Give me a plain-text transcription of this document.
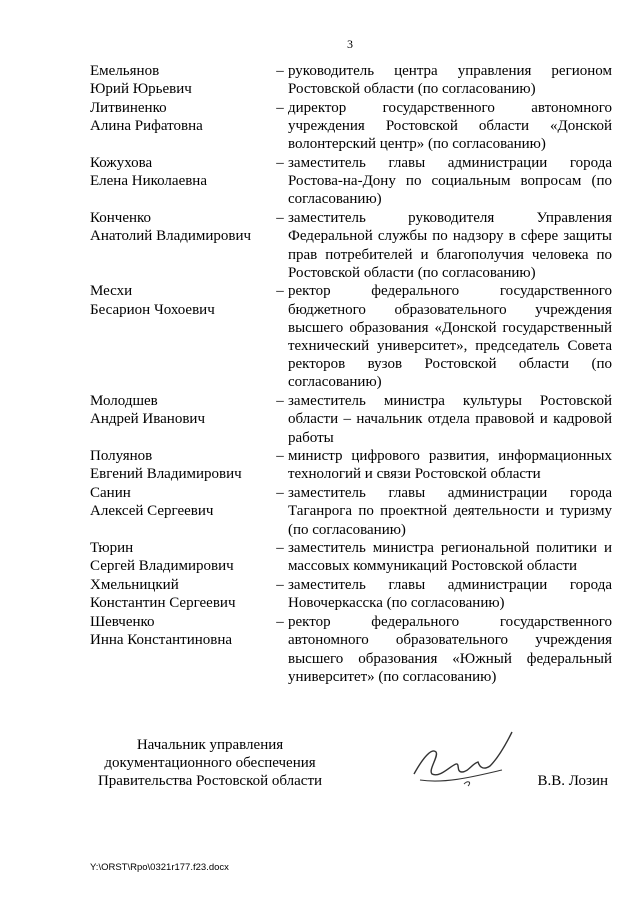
3
Емельянов
Юрий Юрьевич
– руководитель центра управления регионом Ростовской области (по согласованию)
Литвиненко
Алина Рифатовна
– директор государственного автономного учреждения Ростовской области «Донской волонтерский центр» (по согласованию)
Кожухова
Елена Николаевна
– заместитель главы администрации города Ростова-на-Дону по социальным вопросам (по согласованию)
Конченко
Анатолий Владимирович
– заместитель руководителя Управления Федеральной службы по надзору в сфере защиты прав потребителей и благополучия человека по Ростовской области (по согласованию)
Месхи
Бесарион Чохоевич
– ректор федерального государственного бюджетного образовательного учреждения высшего образования «Донской государственный технический университет», председатель Совета ректоров вузов Ростовской области (по согласованию)
Молодшев
Андрей Иванович
– заместитель министра культуры Ростовской области – начальник отдела правовой и кадровой работы
Полуянов
Евгений Владимирович
– министр цифрового развития, информационных технологий и связи Ростовской области
Санин
Алексей Сергеевич
– заместитель главы администрации города Таганрога по проектной деятельности и туризму (по согласованию)
Тюрин
Сергей Владимирович
– заместитель министра региональной политики и массовых коммуникаций Ростовской области
Хмельницкий
Константин Сергеевич
– заместитель главы администрации города Новочеркасска (по согласованию)
Шевченко
Инна Константиновна
– ректор федерального государственного автономного образовательного учреждения высшего образования «Южный федеральный университет» (по согласованию)
Начальник управления
документационного обеспечения
Правительства Ростовской области	В.В. Лозин
Y:\ORST\Rpo\0321r177.f23.docx
